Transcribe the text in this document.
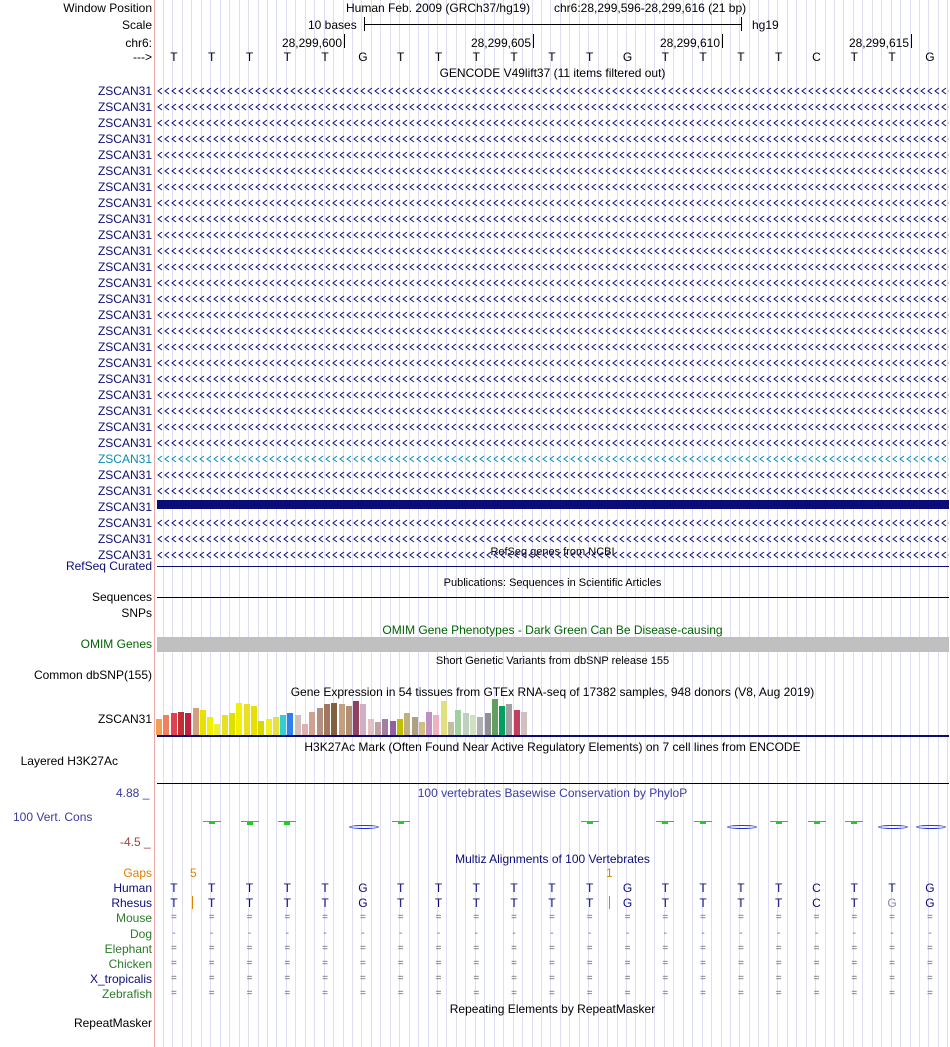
Window Position	Human Feb. 2009 (GRCh37/hg19) chr6:28,299,596-28,299,616 (21 bp)
Scale	10 bases	hg19
chr6:
--->
GENCODE V49lift37 (11 items filtered out)
RefSeq Curated
Publications: Sequences in Scientific Articles
Sequences
SNPs
OMIM Gene Phenotypes - Dark Green Can Be Disease-causing
OMIM Genes
Short Genetic Variants from dbSNP release 155
Common dbSNP(155)
Gene Expression in 54 tissues from GTEx RNA-seq of 17382 samples, 948 donors (V8, Aug 2019)
ZSCAN31
H3K27Ac Mark (Often Found Near Active Regulatory Elements) on 7 cell lines from ENCODE
Layered H3K27Ac
100 vertebrates Basewise Conservation by PhyloP
4.88 _
100 Vert. Cons
-4.5 _
Multiz Alignments of 100 Vertebrates
Gaps	5	1
Repeating Elements by RepeatMasker
RepeatMasker
28,299,600	28,299,605	28,299,610	28,299,615
T	T	T	T	T	G	T	T	T	T	T	T	G	T	T	T	T	C	T	T	G
ZSCAN31
ZSCAN31
ZSCAN31
ZSCAN31
ZSCAN31
ZSCAN31
ZSCAN31
ZSCAN31
ZSCAN31
ZSCAN31
ZSCAN31
ZSCAN31
ZSCAN31
ZSCAN31
ZSCAN31
ZSCAN31
ZSCAN31
ZSCAN31
ZSCAN31
ZSCAN31
ZSCAN31
ZSCAN31
ZSCAN31
ZSCAN31
ZSCAN31
ZSCAN31
ZSCAN31
ZSCAN31
ZSCAN31
ZSCAN31
Human	T	T	T	T	T	G	T	T	T	T	T	T	G	T	T	T	T	C	T	T	G
Rhesus	T	T	T	T	T	G	T	T	T	T	T	T	G	T	T	T	T	C	T	G	G
Mouse	=	=	=	=	=	=	=	=	=	=	=	=	=	=	=	=	=	=	=	=	=
Dog	-	-	-	-	-	-	-	-	-	-	-	-	-	-	-	-	-	-	-	-	-
Elephant	=	=	=	=	=	=	=	=	=	=	=	=	=	=	=	=	=	=	=	=	=
Chicken	=	=	=	=	=	=	=	=	=	=	=	=	=	=	=	=	=	=	=	=	=
X_tropicalis	=	=	=	=	=	=	=	=	=	=	=	=	=	=	=	=	=	=	=	=	=
Zebrafish	=	=	=	=	=	=	=	=	=	=	=	=	=	=	=	=	=	=	=	=	=
